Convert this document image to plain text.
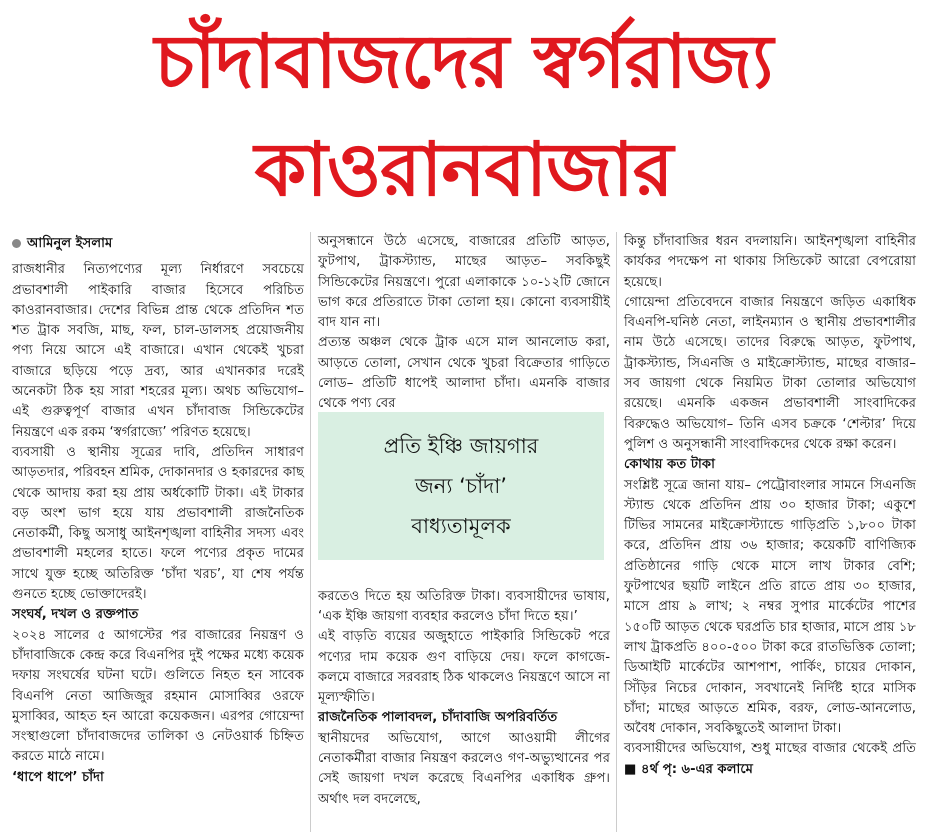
চাঁদাবাজদের স্বর্গরাজ্য
কাওরানবাজার
আমিনুল ইসলাম

রাজধানীর নিত্যপণ্যের মূল্য নির্ধারণে সবচেয়ে প্রভাবশালী পাইকারি বাজার হিসেবে পরিচিত কাওরানবাজার। দেশের বিভিন্ন প্রান্ত থেকে প্রতিদিন শত শত ট্রাক সবজি, মাছ, ফল, চাল-ডালসহ প্রয়োজনীয় পণ্য নিয়ে আসে এই বাজারে। এখান থেকেই খুচরা বাজারে ছড়িয়ে পড়ে দ্রব্য, আর এখানকার দরেই অনেকটা ঠিক হয় সারা শহরের মূল্য। অথচ অভিযোগ– এই গুরুত্বপূর্ণ বাজার এখন চাঁদাবাজ সিন্ডিকেটের নিয়ন্ত্রণে এক রকম ‘স্বর্গরাজ্যে’ পরিণত হয়েছে।

ব্যবসায়ী ও স্থানীয় সূত্রের দাবি, প্রতিদিন সাধারণ আড়তদার, পরিবহন শ্রমিক, দোকানদার ও হকারদের কাছ থেকে আদায় করা হয় প্রায় অর্ধকোটি টাকা। এই টাকার বড় অংশ ভাগ হয়ে যায় প্রভাবশালী রাজনৈতিক নেতাকর্মী, কিছু অসাধু আইনশৃঙ্খলা বাহিনীর সদস্য এবং প্রভাবশালী মহলের হাতে। ফলে পণ্যের প্রকৃত দামের সাথে যুক্ত হচ্ছে অতিরিক্ত ‘চাঁদা খরচ’, যা শেষ পর্যন্ত গুনতে হচ্ছে ভোক্তাদেরই।

সংঘর্ষ, দখল ও রক্তপাত

২০২৪ সালের ৫ আগস্টের পর বাজারের নিয়ন্ত্রণ ও চাঁদাবাজিকে কেন্দ্র করে বিএনপির দুই পক্ষের মধ্যে কয়েক দফায় সংঘর্ষের ঘটনা ঘটে। গুলিতে নিহত হন সাবেক বিএনপি নেতা আজিজুর রহমান মোসাব্বির ওরফে মুসাব্বির, আহত হন আরো কয়েকজন। এরপর গোয়েন্দা সংস্থাগুলো চাঁদাবাজদের তালিকা ও নেটওয়ার্ক চিহ্নিত করতে মাঠে নামে।

‘ধাপে ধাপে’ চাঁদা

অনুসন্ধানে উঠে এসেছে, বাজারের প্রতিটি আড়ত, ফুটপাথ, ট্রাকস্ট্যান্ড, মাছের আড়ত– সবকিছুই সিন্ডিকেটের নিয়ন্ত্রণে। পুরো এলাকাকে ১০-১২টি জোনে ভাগ করে প্রতিরাতে টাকা তোলা হয়। কোনো ব্যবসায়ীই বাদ যান না।

প্রত্যন্ত অঞ্চল থেকে ট্রাক এসে মাল আনলোড করা, আড়তে তোলা, সেখান থেকে খুচরা বিক্রেতার গাড়িতে লোড– প্রতিটি ধাপেই আলাদা চাঁদা। এমনকি বাজার থেকে পণ্য বের

করতেও দিতে হয় অতিরিক্ত টাকা। ব্যবসায়ীদের ভাষায়, ‘এক ইঞ্চি জায়গা ব্যবহার করলেও চাঁদা দিতে হয়।’

এই বাড়তি ব্যয়ের অজুহাতে পাইকারি সিন্ডিকেট পরে পণ্যের দাম কয়েক গুণ বাড়িয়ে দেয়। ফলে কাগজে-কলমে বাজারে সরবরাহ ঠিক থাকলেও নিয়ন্ত্রণে আসে না মূল্যস্ফীতি।

রাজনৈতিক পালাবদল, চাঁদাবাজি অপরিবর্তিত

স্থানীয়দের অভিযোগ, আগে আওয়ামী লীগের নেতাকর্মীরা বাজার নিয়ন্ত্রণ করলেও গণ-অভ্যুত্থানের পর সেই জায়গা দখল করেছে বিএনপির একাধিক গ্রুপ। অর্থাৎ দল বদলেছে,

প্রতি ইঞ্চি জায়গার
জন্য ‘চাঁদা’
বাধ্যতামূলক

কিন্তু চাঁদাবাজির ধরন বদলায়নি। আইনশৃঙ্খলা বাহিনীর কার্যকর পদক্ষেপ না থাকায় সিন্ডিকেট আরো বেপরোয়া হয়েছে।

গোয়েন্দা প্রতিবেদনে বাজার নিয়ন্ত্রণে জড়িত একাধিক বিএনপি-ঘনিষ্ঠ নেতা, লাইনম্যান ও স্থানীয় প্রভাবশালীর নাম উঠে এসেছে। তাদের বিরুদ্ধে আড়ত, ফুটপাথ, ট্রাকস্ট্যান্ড, সিএনজি ও মাইক্রোস্ট্যান্ড, মাছের বাজার– সব জায়গা থেকে নিয়মিত টাকা তোলার অভিযোগ রয়েছে। এমনকি একজন প্রভাবশালী সাংবাদিকের বিরুদ্ধেও অভিযোগ– তিনি এসব চক্রকে ‘শেল্টার’ দিয়ে পুলিশ ও অনুসন্ধানী সাংবাদিকদের থেকে রক্ষা করেন।

কোথায় কত টাকা

সংশ্লিষ্ট সূত্রে জানা যায়– পেট্রোবাংলার সামনে সিএনজি স্ট্যান্ড থেকে প্রতিদিন প্রায় ৩০ হাজার টাকা; একুশে টিভির সামনের মাইক্রোস্ট্যান্ডে গাড়িপ্রতি ১,৮০০ টাকা করে, প্রতিদিন প্রায় ৩৬ হাজার; কয়েকটি বাণিজ্যিক প্রতিষ্ঠানের গাড়ি থেকে মাসে লাখ টাকার বেশি; ফুটপাথের ছয়টি লাইনে প্রতি রাতে প্রায় ৩০ হাজার, মাসে প্রায় ৯ লাখ; ২ নম্বর সুপার মার্কেটের পাশের ১৫০টি আড়ত থেকে ঘরপ্রতি চার হাজার, মাসে প্রায় ১৮ লাখ ট্রাকপ্রতি ৪০০-৫০০ টাকা করে রাতভিত্তিক তোলা; ডিআইটি মার্কেটের আশপাশ, পার্কিং, চায়ের দোকান, সিঁড়ির নিচের দোকান, সবখানেই নির্দিষ্ট হারে মাসিক চাঁদা; মাছের আড়তে শ্রমিক, বরফ, লোড-আনলোড, অবৈধ দোকান, সবকিছুতেই আলাদা টাকা।

ব্যবসায়ীদের অভিযোগ, শুধু মাছের বাজার থেকেই প্রতি ■ ৪র্থ পৃ: ৬-এর কলামে
